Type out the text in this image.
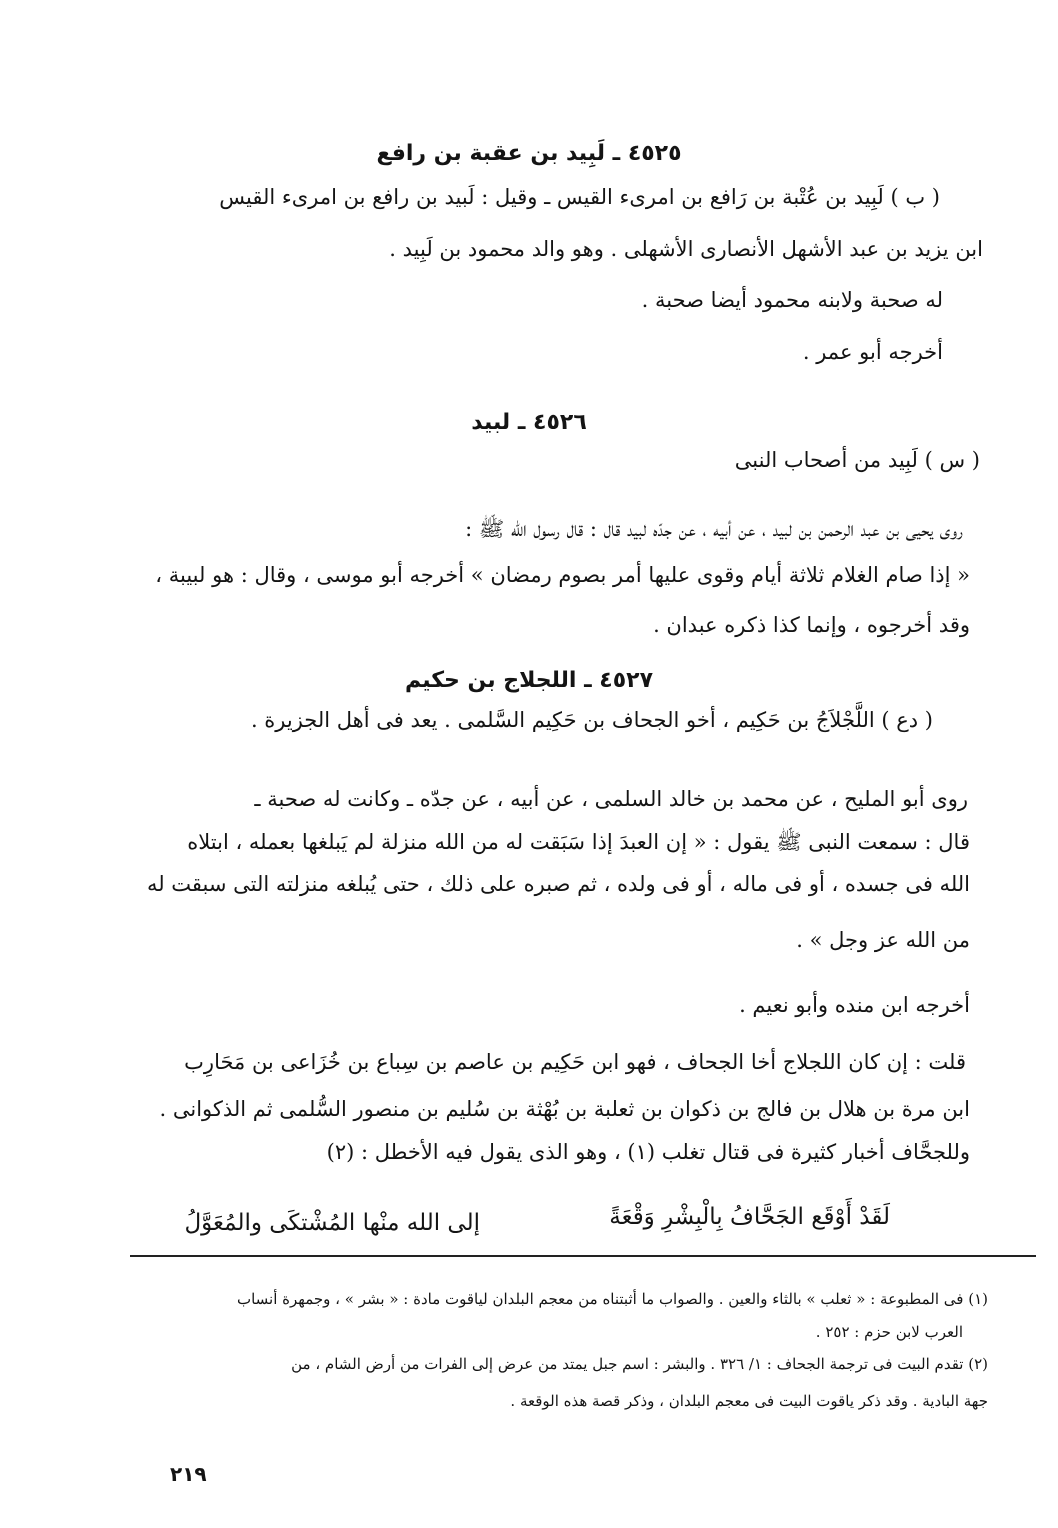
٤٥٢٥ ـ لَبِيد بن عقبة بن رافع
( ب ) لَبِيد بن عُتْبة بن رَافع بن امرىء القيس ـ وقيل : لَبيد بن رافع بن امرىء القيس
ابن يزيد بن عبد الأشهل الأنصارى الأشهلى . وهو والد محمود بن لَبِيد .
له صحبة ولابنه محمود أيضا صحبة .
أخرجه أبو عمر .
٤٥٢٦ ـ لبيد
( س ) لَبِيد من أصحاب النبى
روى يحيى بن عبد الرحمن بن لبيد ، عن أبيه ، عن جدّه لبيد قال : قال رسول الله ﷺ :
« إذا صام الغلام ثلاثة أيام وقوى عليها أمر بصوم رمضان » أخرجه أبو موسى ، وقال : هو لبيبة ،
وقد أخرجوه ، وإنما كذا ذكره عبدان .
٤٥٢٧ ـ اللجلاج بن حكيم
( دع ) اللَّجْلاَجُ بن حَكِيم ، أخو الجحاف بن حَكِيم السَّلمى . يعد فى أهل الجزيرة .
روى أبو المليح ، عن محمد بن خالد السلمى ، عن أبيه ، عن جدّه ـ وكانت له صحبة ـ
قال : سمعت النبى ﷺ يقول : « إن العبدَ إذا سَبَقت له من الله منزلة لم يَبلغها بعمله ، ابتلاه
الله فى جسده ، أو فى ماله ، أو فى ولده ، ثم صبره على ذلك ، حتى يُبلغه منزلته التى سبقت له
من الله عز وجل » .
أخرجه ابن منده وأبو نعيم .
قلت : إن كان اللجلاج أخا الجحاف ، فهو ابن حَكِيم بن عاصم بن سِباع بن خُزَاعى بن مَحَارِب
ابن مرة بن هلال بن فالج بن ذكوان بن ثعلبة بن بُهْثة بن سُليم بن منصور السُّلمى ثم الذكوانى .
وللجحَّاف أخبار كثيرة فى قتال تغلب (١) ، وهو الذى يقول فيه الأخطل : (٢)
لَقَدْ أَوْقَع الجَحَّافُ بِالْبِشْرِ وَقْعَةً
إلى الله منْها المُشْتكَى والمُعَوَّلُ
(١) فى المطبوعة : « ثعلب » بالثاء والعين . والصواب ما أثبتناه من معجم البلدان لياقوت مادة : « بشر » ، وجمهرة أنساب
العرب لابن حزم : ٢٥٢ .
(٢) تقدم البيت فى ترجمة الجحاف : ١/ ٣٢٦ . والبشر : اسم جبل يمتد من عرض إلى الفرات من أرض الشام ، من
جهة البادية . وقد ذكر ياقوت البيت فى معجم البلدان ، وذكر قصة هذه الوقعة .
٢١٩
